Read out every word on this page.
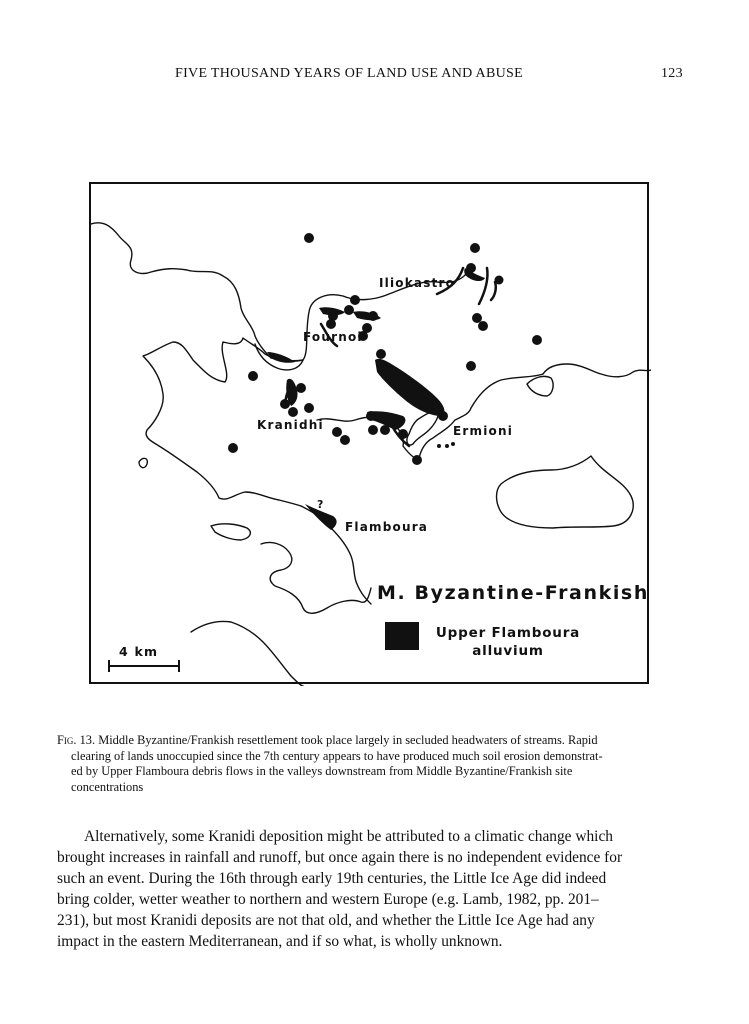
FIVE THOUSAND YEARS OF LAND USE AND ABUSE	123
Iliokastro
Fournoi
Kranidhi	Ermioni
Flamboura
?
M. Byzantine-Frankish
Upper Flamboura
alluvium
4 km
Fig. 13. Middle Byzantine/Frankish resettlement took place largely in secluded headwaters of streams. Rapid
clearing of lands unoccupied since the 7th century appears to have produced much soil erosion demonstrat-
ed by Upper Flamboura debris flows in the valleys downstream from Middle Byzantine/Frankish site
concentrations
Alternatively, some Kranidi deposition might be attributed to a climatic change which
brought increases in rainfall and runoff, but once again there is no independent evidence for
such an event. During the 16th through early 19th centuries, the Little Ice Age did indeed
bring colder, wetter weather to northern and western Europe (e.g. Lamb, 1982, pp. 201–
231), but most Kranidi deposits are not that old, and whether the Little Ice Age had any
impact in the eastern Mediterranean, and if so what, is wholly unknown.
